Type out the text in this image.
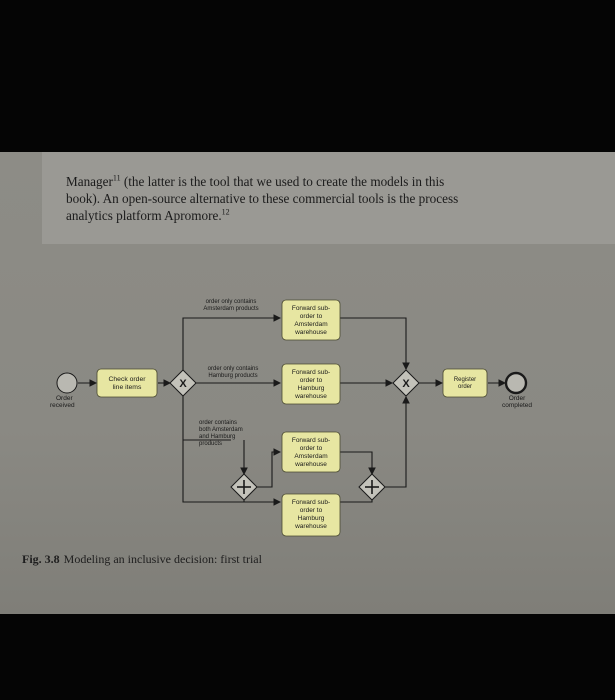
Manager$^{11}$ (the latter is the tool that we used to create the models in this
book). An open-source alternative to these commercial tools is the process
analytics platform Apromore.$^{12}$

Order received
Check order line items	X
order only contains Amsterdam products
order only contains Hamburg products
order contains both Amsterdam and Hamburg products
Forward sub-order to Amsterdam warehouse
Forward sub-order to Hamburg warehouse
Forward sub-order to Amsterdam warehouse
Forward sub-order to Hamburg warehouse
X	Register order
Order completed

Fig. 3.8 Modeling an inclusive decision: first trial
